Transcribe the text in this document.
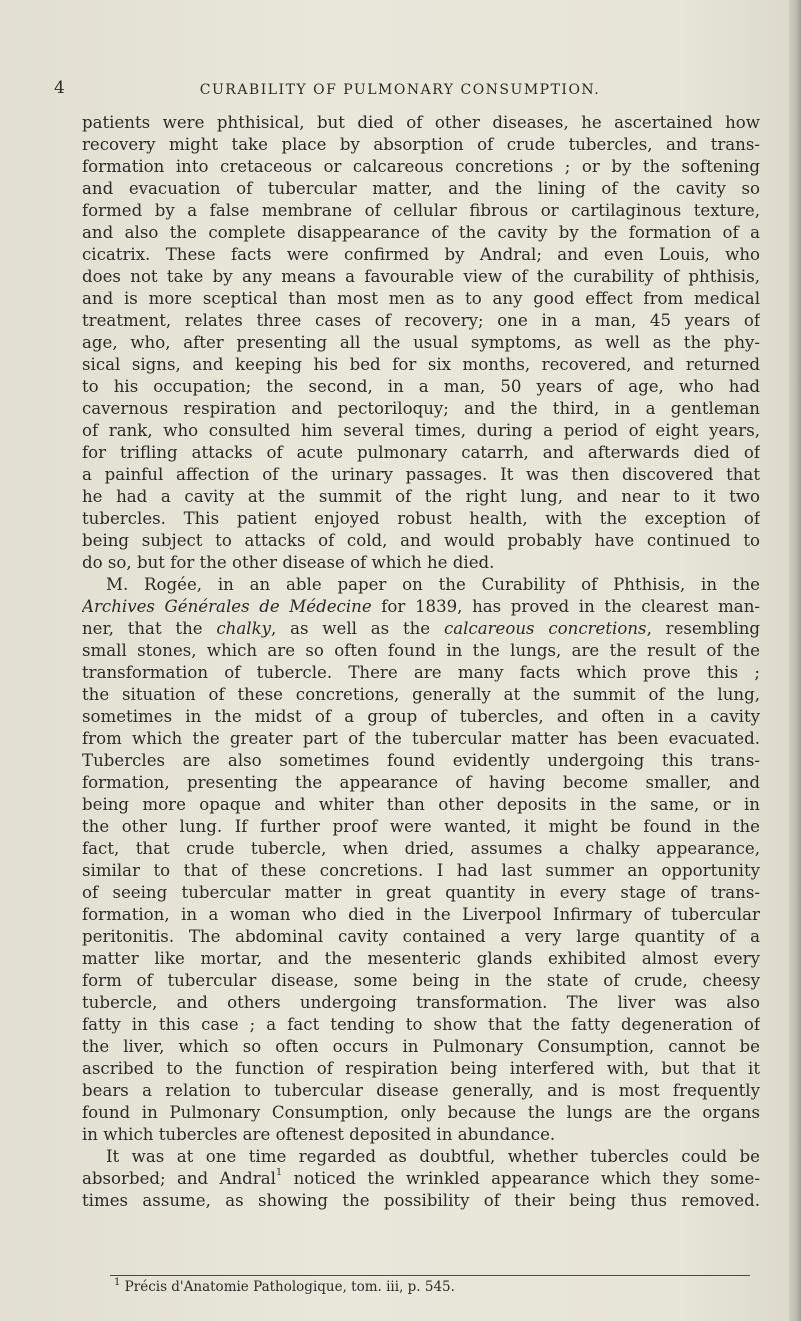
4	CURABILITY OF PULMONARY CONSUMPTION.

patients were phthisical, but died of other diseases, he ascertained how
recovery might take place by absorption of crude tubercles, and trans-
formation into cretaceous or calcareous concretions ; or by the softening
and evacuation of tubercular matter, and the lining of the cavity so
formed by a false membrane of cellular fibrous or cartilaginous texture,
and also the complete disappearance of the cavity by the formation of a
cicatrix. These facts were confirmed by Andral; and even Louis, who
does not take by any means a favourable view of the curability of phthisis,
and is more sceptical than most men as to any good effect from medical
treatment, relates three cases of recovery; one in a man, 45 years of
age, who, after presenting all the usual symptoms, as well as the phy-
sical signs, and keeping his bed for six months, recovered, and returned
to his occupation; the second, in a man, 50 years of age, who had
cavernous respiration and pectoriloquy; and the third, in a gentleman
of rank, who consulted him several times, during a period of eight years,
for trifling attacks of acute pulmonary catarrh, and afterwards died of
a painful affection of the urinary passages. It was then discovered that
he had a cavity at the summit of the right lung, and near to it two
tubercles. This patient enjoyed robust health, with the exception of
being subject to attacks of cold, and would probably have continued to
do so, but for the other disease of which he died.

M. Rogée, in an able paper on the Curability of Phthisis, in the
Archives Générales de Médecine for 1839, has proved in the clearest man-
ner, that the chalky, as well as the calcareous concretions, resembling
small stones, which are so often found in the lungs, are the result of the
transformation of tubercle. There are many facts which prove this ;
the situation of these concretions, generally at the summit of the lung,
sometimes in the midst of a group of tubercles, and often in a cavity
from which the greater part of the tubercular matter has been evacuated.
Tubercles are also sometimes found evidently undergoing this trans-
formation, presenting the appearance of having become smaller, and
being more opaque and whiter than other deposits in the same, or in
the other lung. If further proof were wanted, it might be found in the
fact, that crude tubercle, when dried, assumes a chalky appearance,
similar to that of these concretions. I had last summer an opportunity
of seeing tubercular matter in great quantity in every stage of trans-
formation, in a woman who died in the Liverpool Infirmary of tubercular
peritonitis. The abdominal cavity contained a very large quantity of a
matter like mortar, and the mesenteric glands exhibited almost every
form of tubercular disease, some being in the state of crude, cheesy
tubercle, and others undergoing transformation. The liver was also
fatty in this case ; a fact tending to show that the fatty degeneration of
the liver, which so often occurs in Pulmonary Consumption, cannot be
ascribed to the function of respiration being interfered with, but that it
bears a relation to tubercular disease generally, and is most frequently
found in Pulmonary Consumption, only because the lungs are the organs
in which tubercles are oftenest deposited in abundance.

It was at one time regarded as doubtful, whether tubercles could be
absorbed; and Andral$^1$ noticed the wrinkled appearance which they some-
times assume, as showing the possibility of their being thus removed.

$^1$ Précis d'Anatomie Pathologique, tom. iii, p. 545.
